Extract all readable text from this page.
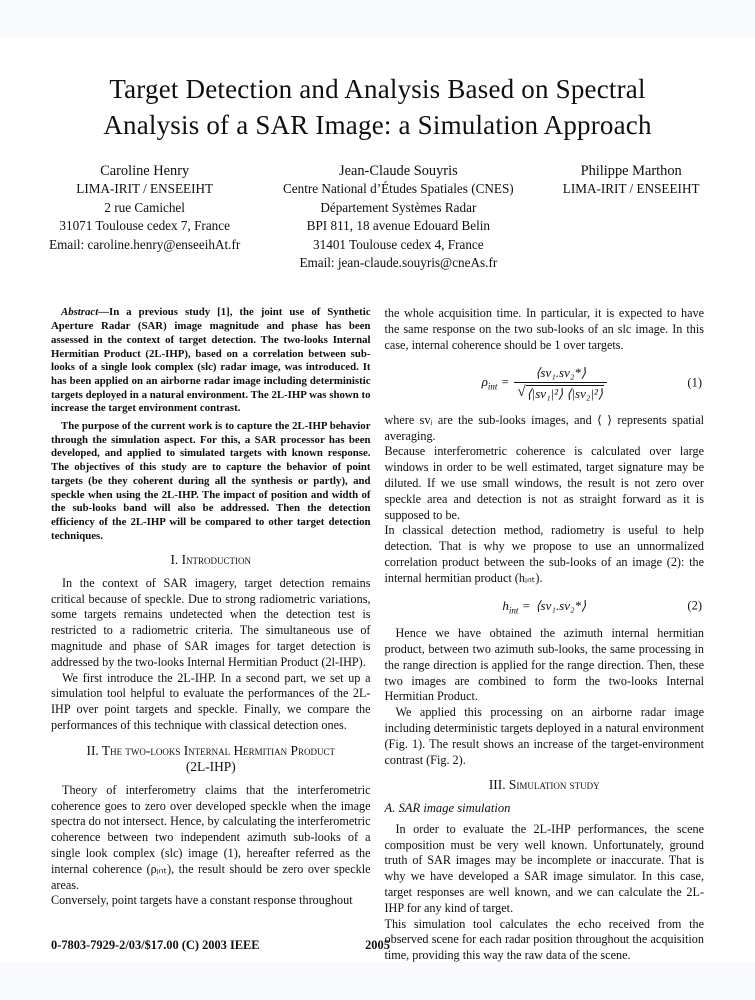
Target Detection and Analysis Based on Spectral
Analysis of a SAR Image: a Simulation Approach
Caroline Henry
LIMA-IRIT / ENSEEIHT
2 rue Camichel
31071 Toulouse cedex 7, France
Email: caroline.henry@enseeihAt.fr
Jean-Claude Souyris
Centre National d’Études Spatiales (CNES)
Département Systèmes Radar
BPI 811, 18 avenue Edouard Belin
31401 Toulouse cedex 4, France
Email: jean-claude.souyris@cneAs.fr
Philippe Marthon
LIMA-IRIT / ENSEEIHT

Abstract—In a previous study [1], the joint use of Synthetic Aperture Radar (SAR) image magnitude and phase has been assessed in the context of target detection. The two-looks Internal Hermitian Product (2L-IHP), based on a correlation between sub-looks of a single look complex (slc) radar image, was introduced. It has been applied on an airborne radar image including deterministic targets deployed in a natural environment. The 2L-IHP was shown to increase the target environment contrast.

The purpose of the current work is to capture the 2L-IHP behavior through the simulation aspect. For this, a SAR processor has been developed, and applied to simulated targets with known response. The objectives of this study are to capture the behavior of point targets (be they coherent during all the synthesis or partly), and speckle when using the 2L-IHP. The impact of position and width of the sub-looks band will also be addressed. Then the detection efficiency of the 2L-IHP will be compared to other target detection techniques.

I. Introduction

In the context of SAR imagery, target detection remains critical because of speckle. Due to strong radiometric variations, some targets remains undetected when the detection test is restricted to a radiometric criteria. The simultaneous use of magnitude and phase of SAR images for target detection is addressed by the two-looks Internal Hermitian Product (2l-IHP).

We first introduce the 2L-IHP. In a second part, we set up a simulation tool helpful to evaluate the performances of the 2L-IHP over point targets and speckle. Finally, we compare the performances of this technique with classical detection ones.

II. The two-looks Internal Hermitian Product
(2L-IHP)

Theory of interferometry claims that the interferometric coherence goes to zero over developed speckle when the image spectra do not intersect. Hence, by calculating the interferometric coherence between two independent azimuth sub-looks of a single look complex (slc) image (1), hereafter referred as the internal coherence (ρᵢₙₜ), the result should be zero over speckle areas.

Conversely, point targets have a constant response throughout

the whole acquisition time. In particular, it is expected to have the same response on the two sub-looks of an slc image. In this case, internal coherence should be 1 over targets.

$\rho_{int} = \frac{\text{⟨sv₁.sv₂*⟩}}{\text{√ ⟨|sv₁|²⟩ ⟨|sv₂|²⟩}}$	(1)

where svᵢ are the sub-looks images, and ⟨ ⟩ represents spatial averaging.

Because interferometric coherence is calculated over large windows in order to be well estimated, target signature may be diluted. If we use small windows, the result is not zero over speckle area and detection is not as straight forward as it is supposed to be.

In classical detection method, radiometry is useful to help detection. That is why we propose to use an unnormalized correlation product between the sub-looks of an image (2): the internal hermitian product (hᵢₙₜ).

$h_{int}$ = ⟨sv₁.sv₂*⟩	(2)

Hence we have obtained the azimuth internal hermitian product, between two azimuth sub-looks, the same processing in the range direction is applied for the range direction. Then, these two images are combined to form the two-looks Internal Hermitian Product.

We applied this processing on an airborne radar image including deterministic targets deployed in a natural environment (Fig. 1). The result shows an increase of the target-environment contrast (Fig. 2).

III. Simulation study
A. SAR image simulation

In order to evaluate the 2L-IHP performances, the scene composition must be very well known. Unfortunately, ground truth of SAR images may be incomplete or inaccurate. That is why we have developed a SAR image simulator. In this case, target responses are well known, and we can calculate the 2L-IHP for any kind of target.

This simulation tool calculates the echo received from the observed scene for each radar position throughout the acquisition time, providing this way the raw data of the scene.

0-7803-7929-2/03/$17.00 (C) 2003 IEEE	2005
